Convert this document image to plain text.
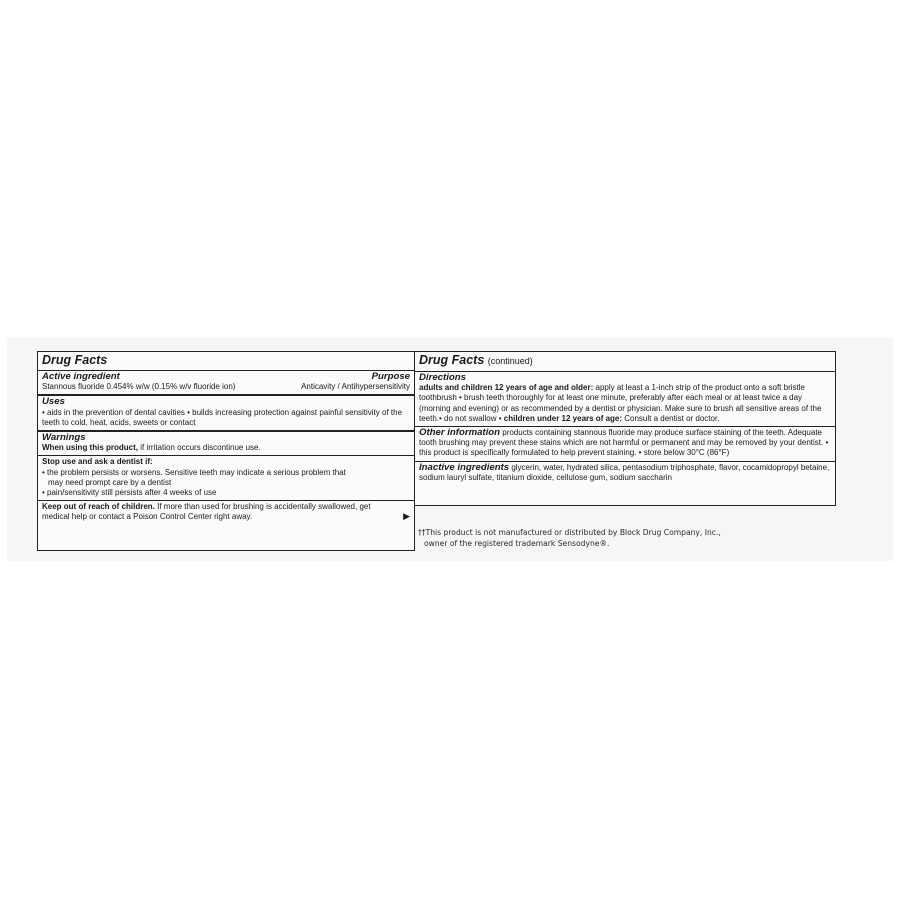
Drug Facts
Active ingredient	Purpose
Stannous fluoride 0.454% w/w (0.15% w/v fluoride ion)	Anticavity / Antihypersensitivity
Uses
• aids in the prevention of dental cavities • builds increasing protection against painful sensitivity of the teeth to cold, heat, acids, sweets or contact
Warnings
When using this product, if irritation occurs discontinue use.
Stop use and ask a dentist if:
• the problem persists or worsens. Sensitive teeth may indicate a serious problem that
may need prompt care by a dentist
• pain/sensitivity still persists after 4 weeks of use
Keep out of reach of children. If more than used for brushing is accidentally swallowed, get medical help or contact a Poison Control Center right away.	▶
Drug Facts (continued)
Directions
adults and children 12 years of age and older: apply at least a 1-inch strip of the product onto a soft bristle toothbrush • brush teeth thoroughly for at least one minute, preferably after each meal or at least twice a day (morning and evening) or as recommended by a dentist or physician. Make sure to brush all sensitive areas of the teeth.• do not swallow • children under 12 years of age: Consult a dentist or doctor.
Other information products containing stannous fluoride may produce surface staining of the teeth. Adequate tooth brushing may prevent these stains which are not harmful or permanent and may be removed by your dentist. • this product is specifically formulated to help prevent staining. • store below 30°C (86°F)
Inactive ingredients glycerin, water, hydrated silica, pentasodium triphosphate, flavor, cocamidopropyl betaine, sodium lauryl sulfate, titanium dioxide, cellulose gum, sodium saccharin
††This product is not manufactured or distributed by Block Drug Company, Inc.,
owner of the registered trademark Sensodyne®.
